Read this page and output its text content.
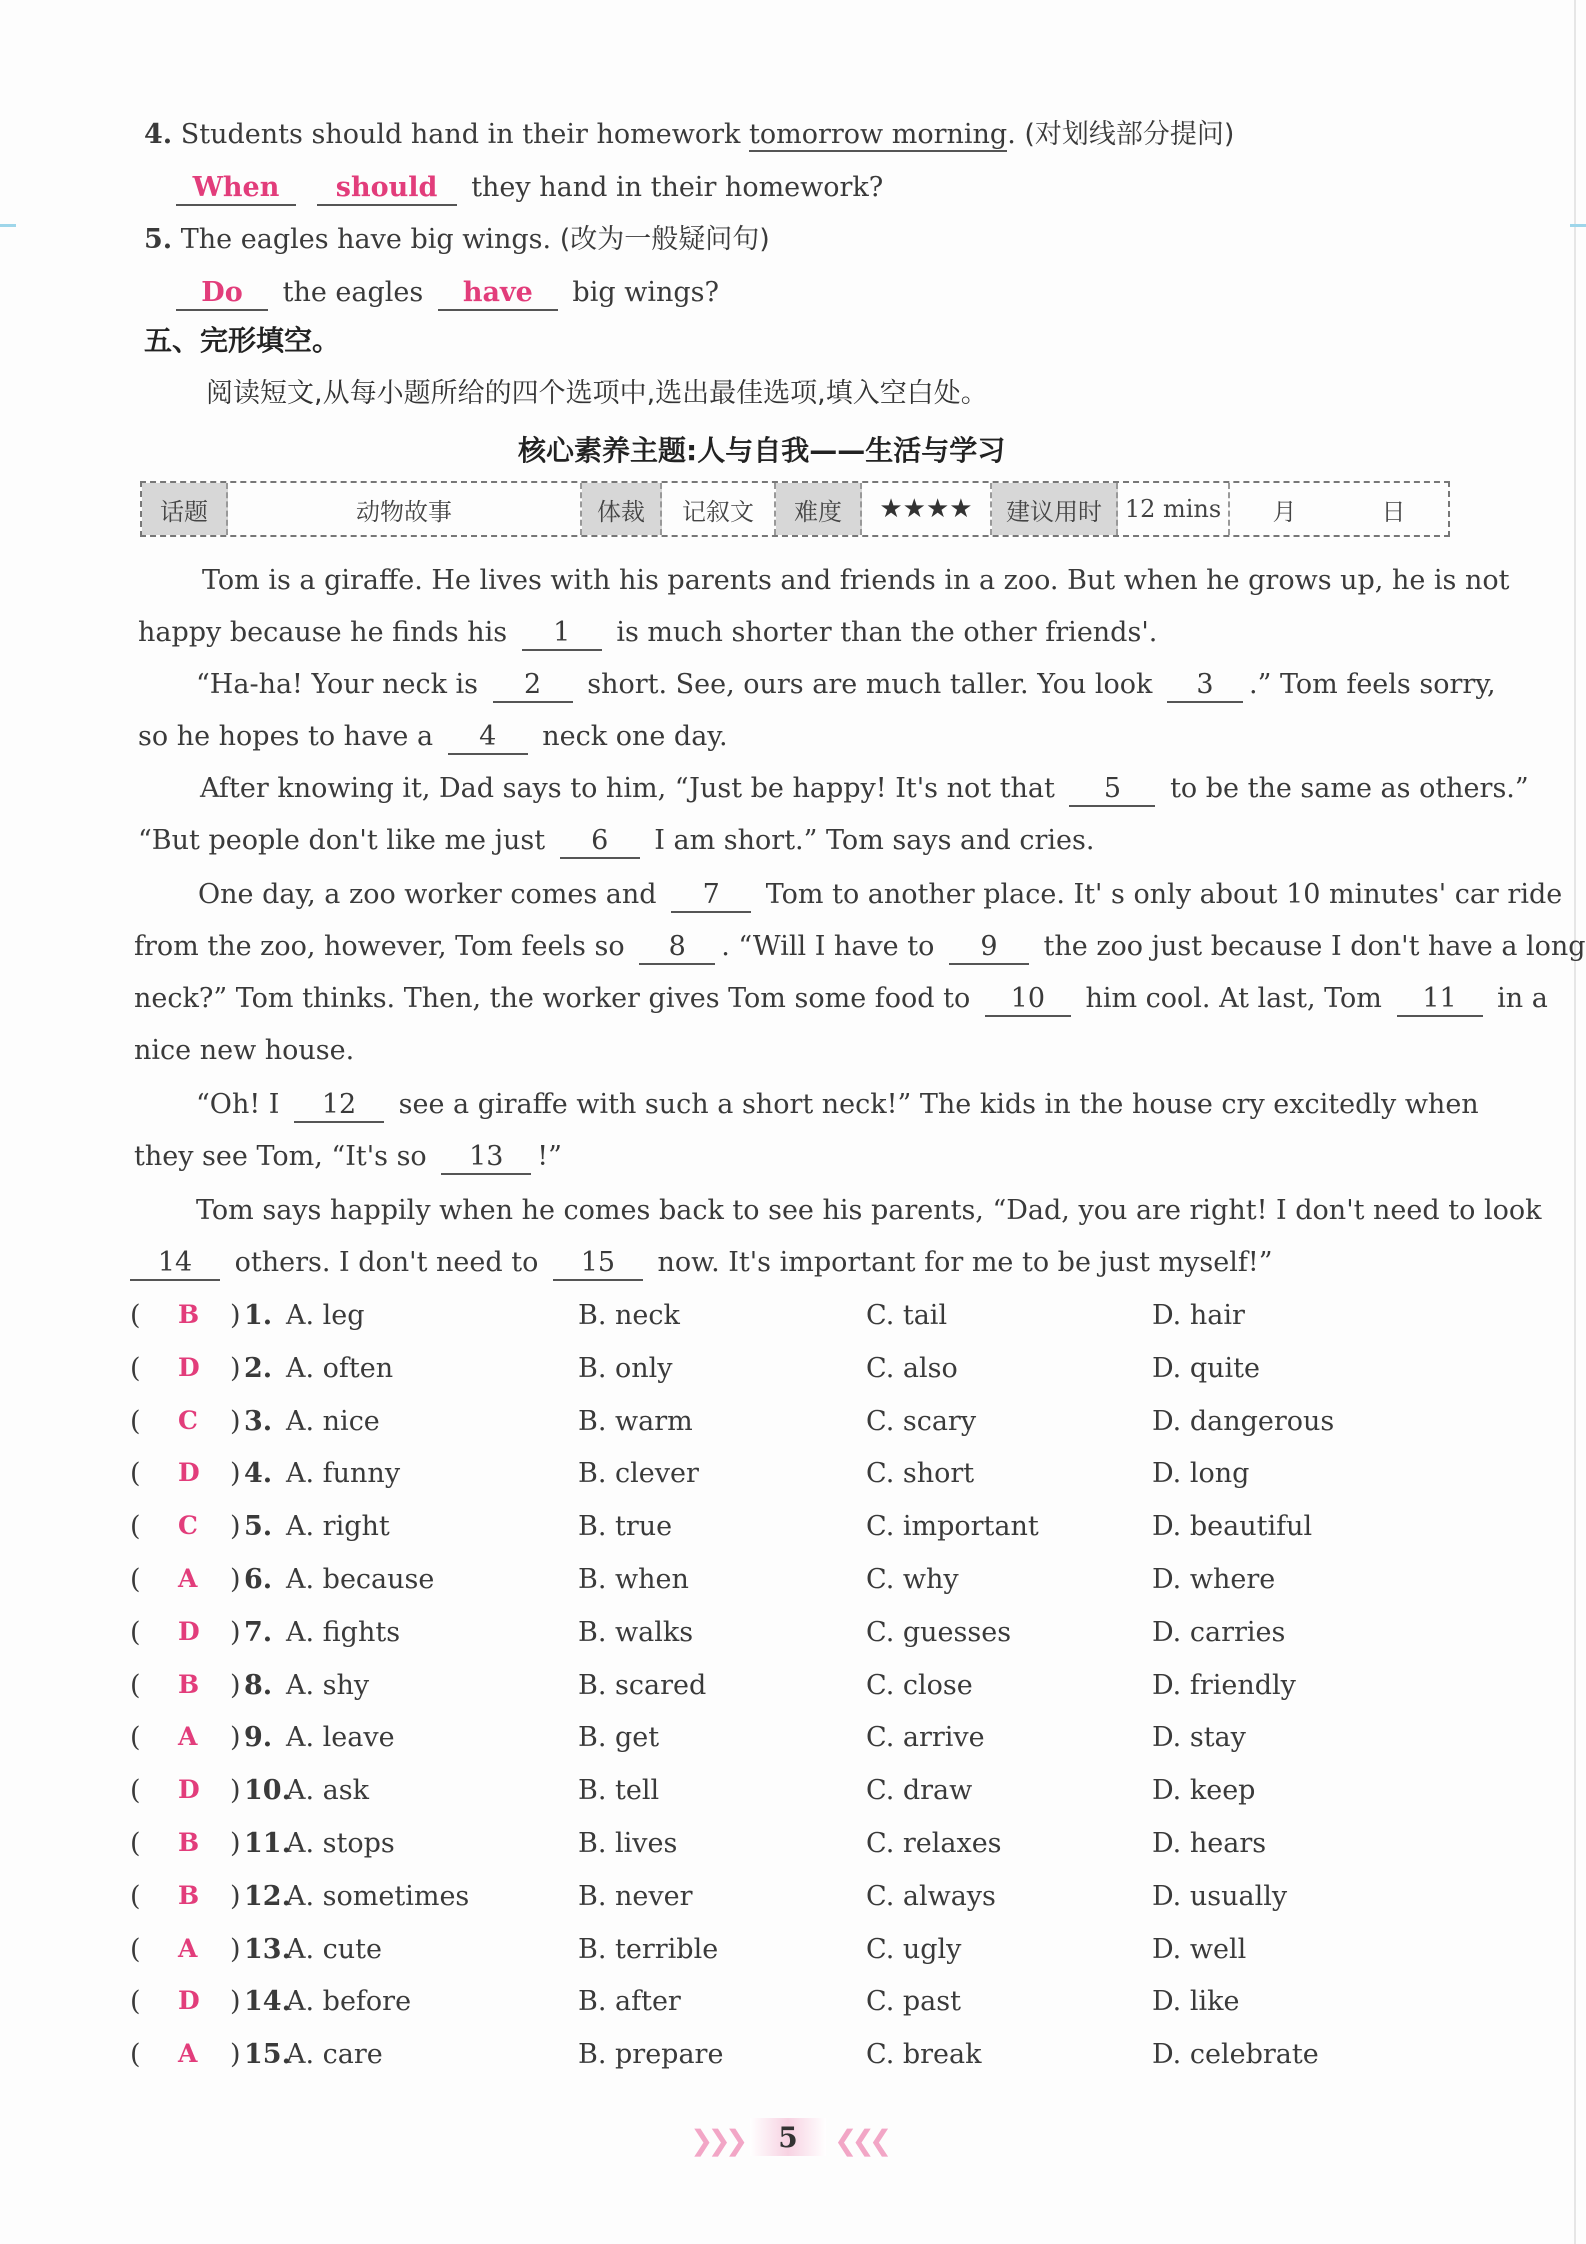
4. Students should hand in their homework tomorrow morning. (对划线部分提问)
When should they hand in their homework?
5. The eagles have big wings. (改为一般疑问句)
Do the eagles have big wings?
五、完形填空。
阅读短文,从每小题所给的四个选项中,选出最佳选项,填入空白处。
核心素养主题:人与自我——生活与学习
话题	动物故事	体裁	记叙文	难度	★★★★	建议用时 12 mins	月	日
Tom is a giraffe. He lives with his parents and friends in a zoo. But when he grows up, he is not
happy because he finds his 1 is much shorter than the other friends'.
“Ha-ha! Your neck is 2 short. See, ours are much taller. You look 3 .” Tom feels sorry,
so he hopes to have a 4 neck one day.
After knowing it, Dad says to him, “Just be happy! It's not that 5 to be the same as others.”
“But people don't like me just 6 I am short.” Tom says and cries.
One day, a zoo worker comes and 7 Tom to another place. It' s only about 10 minutes' car ride
from the zoo, however, Tom feels so 8 . “Will I have to 9 the zoo just because I don't have a long
neck?” Tom thinks. Then, the worker gives Tom some food to 10 him cool. At last, Tom 11 in a
nice new house.
“Oh! I 12 see a giraffe with such a short neck!” The kids in the house cry excitedly when
they see Tom, “It's so 13 !”
Tom says happily when he comes back to see his parents, “Dad, you are right! I don't need to look
14 others. I don't need to 15 now. It's important for me to be just myself!”
( B ) 1. A. leg	B. neck	C. tail	D. hair
( D ) 2. A. often	B. only	C. also	D. quite
( C ) 3. A. nice	B. warm	C. scary	D. dangerous
( D ) 4. A. funny	B. clever	C. short	D. long
( C ) 5. A. right	B. true	C. important	D. beautiful
( A ) 6. A. because	B. when	C. why	D. where
( D ) 7. A. fights	B. walks	C. guesses	D. carries
( B ) 8. A. shy	B. scared	C. close	D. friendly
( A ) 9. A. leave	B. get	C. arrive	D. stay
( D ) 10.
A. ask	B. tell	C. draw	D. keep
( B ) 11.
A. stops	B. lives	C. relaxes	D. hears
( B ) 12.
A. sometimes	B. never	C. always	D. usually
( A ) 13.
A. cute	B. terrible	C. ugly	D. well
( D ) 14.
A. before	B. after	C. past	D. like
( A ) 15.
A. care	B. prepare	C. break	D. celebrate
❯❯❯	5	❮❮❮
